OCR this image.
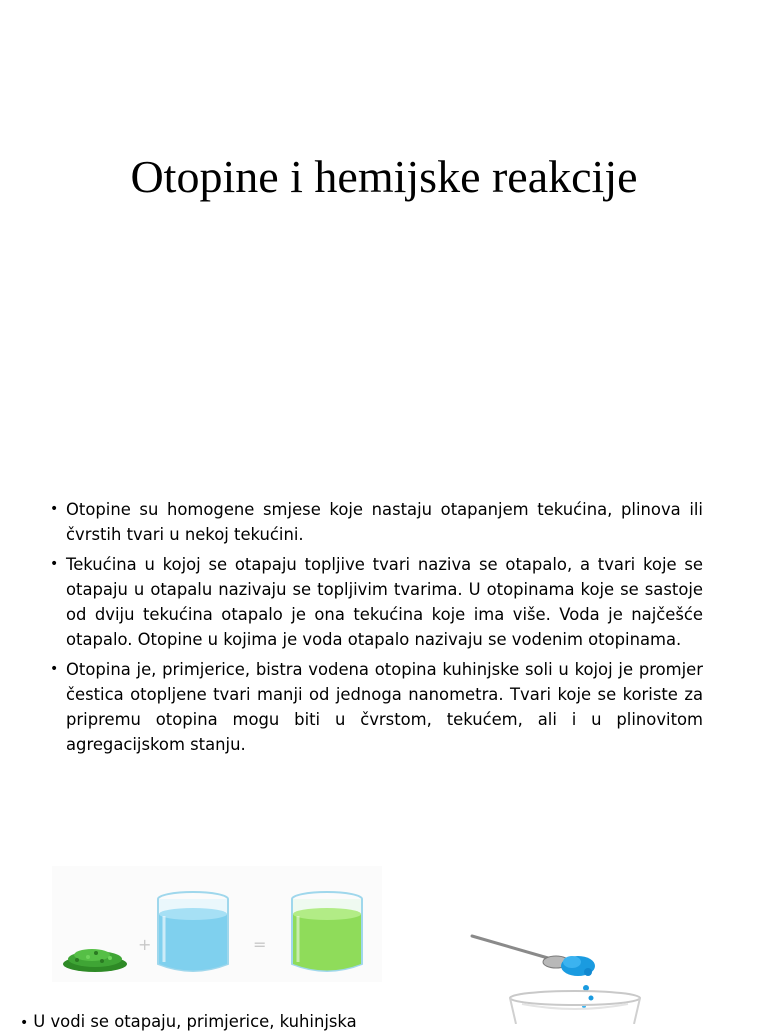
Otopine i hemijske reakcije
• Otopine su homogene smjese koje nastaju otapanjem tekućina, plinova ili čvrstih tvari u nekoj tekućini.
• Tekućina u kojoj se otapaju topljive tvari naziva se otapalo, a tvari koje se otapaju u otapalu nazivaju se topljivim tvarima. U otopinama koje se sastoje od dviju tekućina otapalo je ona tekućina koje ima više. Voda je najčešće otapalo. Otopine u kojima je voda otapalo nazivaju se vodenim otopinama.
• Otopina je, primjerice, bistra vodena otopina kuhinjske soli u kojoj je promjer čestica otopljene tvari manji od jednoga nanometra. Tvari koje se koriste za pripremu otopina mogu biti u čvrstom, tekućem, ali i u plinovitom agregacijskom stanju.
+	=
• U vodi se otapaju, primjerice, kuhinjska
